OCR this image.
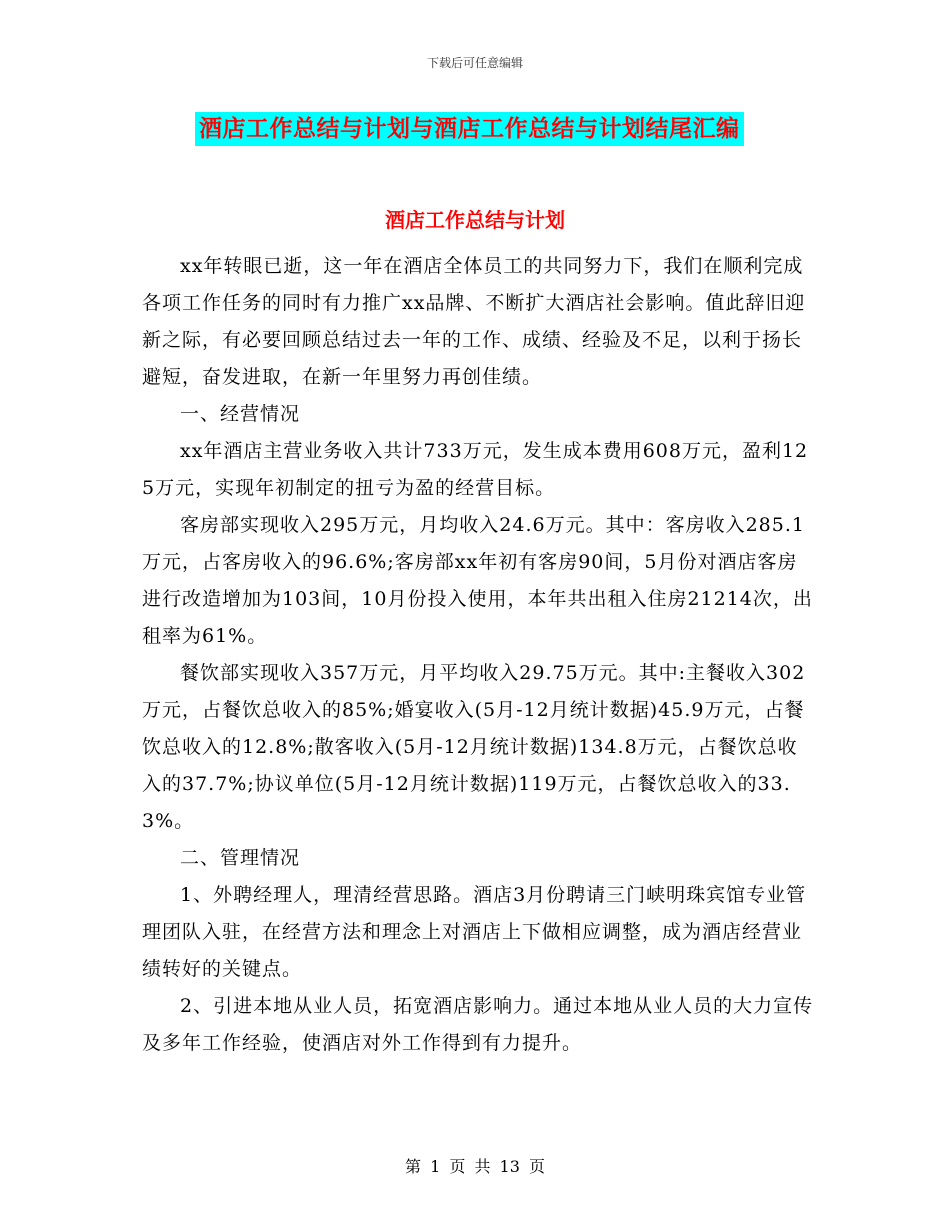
下载后可任意编辑
酒店工作总结与计划与酒店工作总结与计划结尾汇编
酒店工作总结与计划

xx年转眼已逝，这一年在酒店全体员工的共同努力下，我们在顺利完成各项工作任务的同时有力推广xx品牌、不断扩大酒店社会影响。值此辞旧迎新之际，有必要回顾总结过去一年的工作、成绩、经验及不足，以利于扬长避短，奋发进取，在新一年里努力再创佳绩。

一、经营情况

xx年酒店主营业务收入共计733万元，发生成本费用608万元，盈利125万元，实现年初制定的扭亏为盈的经营目标。

客房部实现收入295万元，月均收入24.6万元。其中：客房收入285.1万元，占客房收入的96.6%;客房部xx年初有客房90间，5月份对酒店客房进行改造增加为103间，10月份投入使用，本年共出租入住房21214次，出租率为61%。

餐饮部实现收入357万元，月平均收入29.75万元。其中:主餐收入302万元，占餐饮总收入的85%;婚宴收入(5月-12月统计数据)45.9万元，占餐饮总收入的12.8%;散客收入(5月-12月统计数据)134.8万元，占餐饮总收入的37.7%;协议单位(5月-12月统计数据)119万元，占餐饮总收入的33.3%。

二、管理情况

1、外聘经理人，理清经营思路。酒店3月份聘请三门峡明珠宾馆专业管理团队入驻，在经营方法和理念上对酒店上下做相应调整，成为酒店经营业绩转好的关键点。

2、引进本地从业人员，拓宽酒店影响力。通过本地从业人员的大力宣传及多年工作经验，使酒店对外工作得到有力提升。

第 1 页 共 13 页
